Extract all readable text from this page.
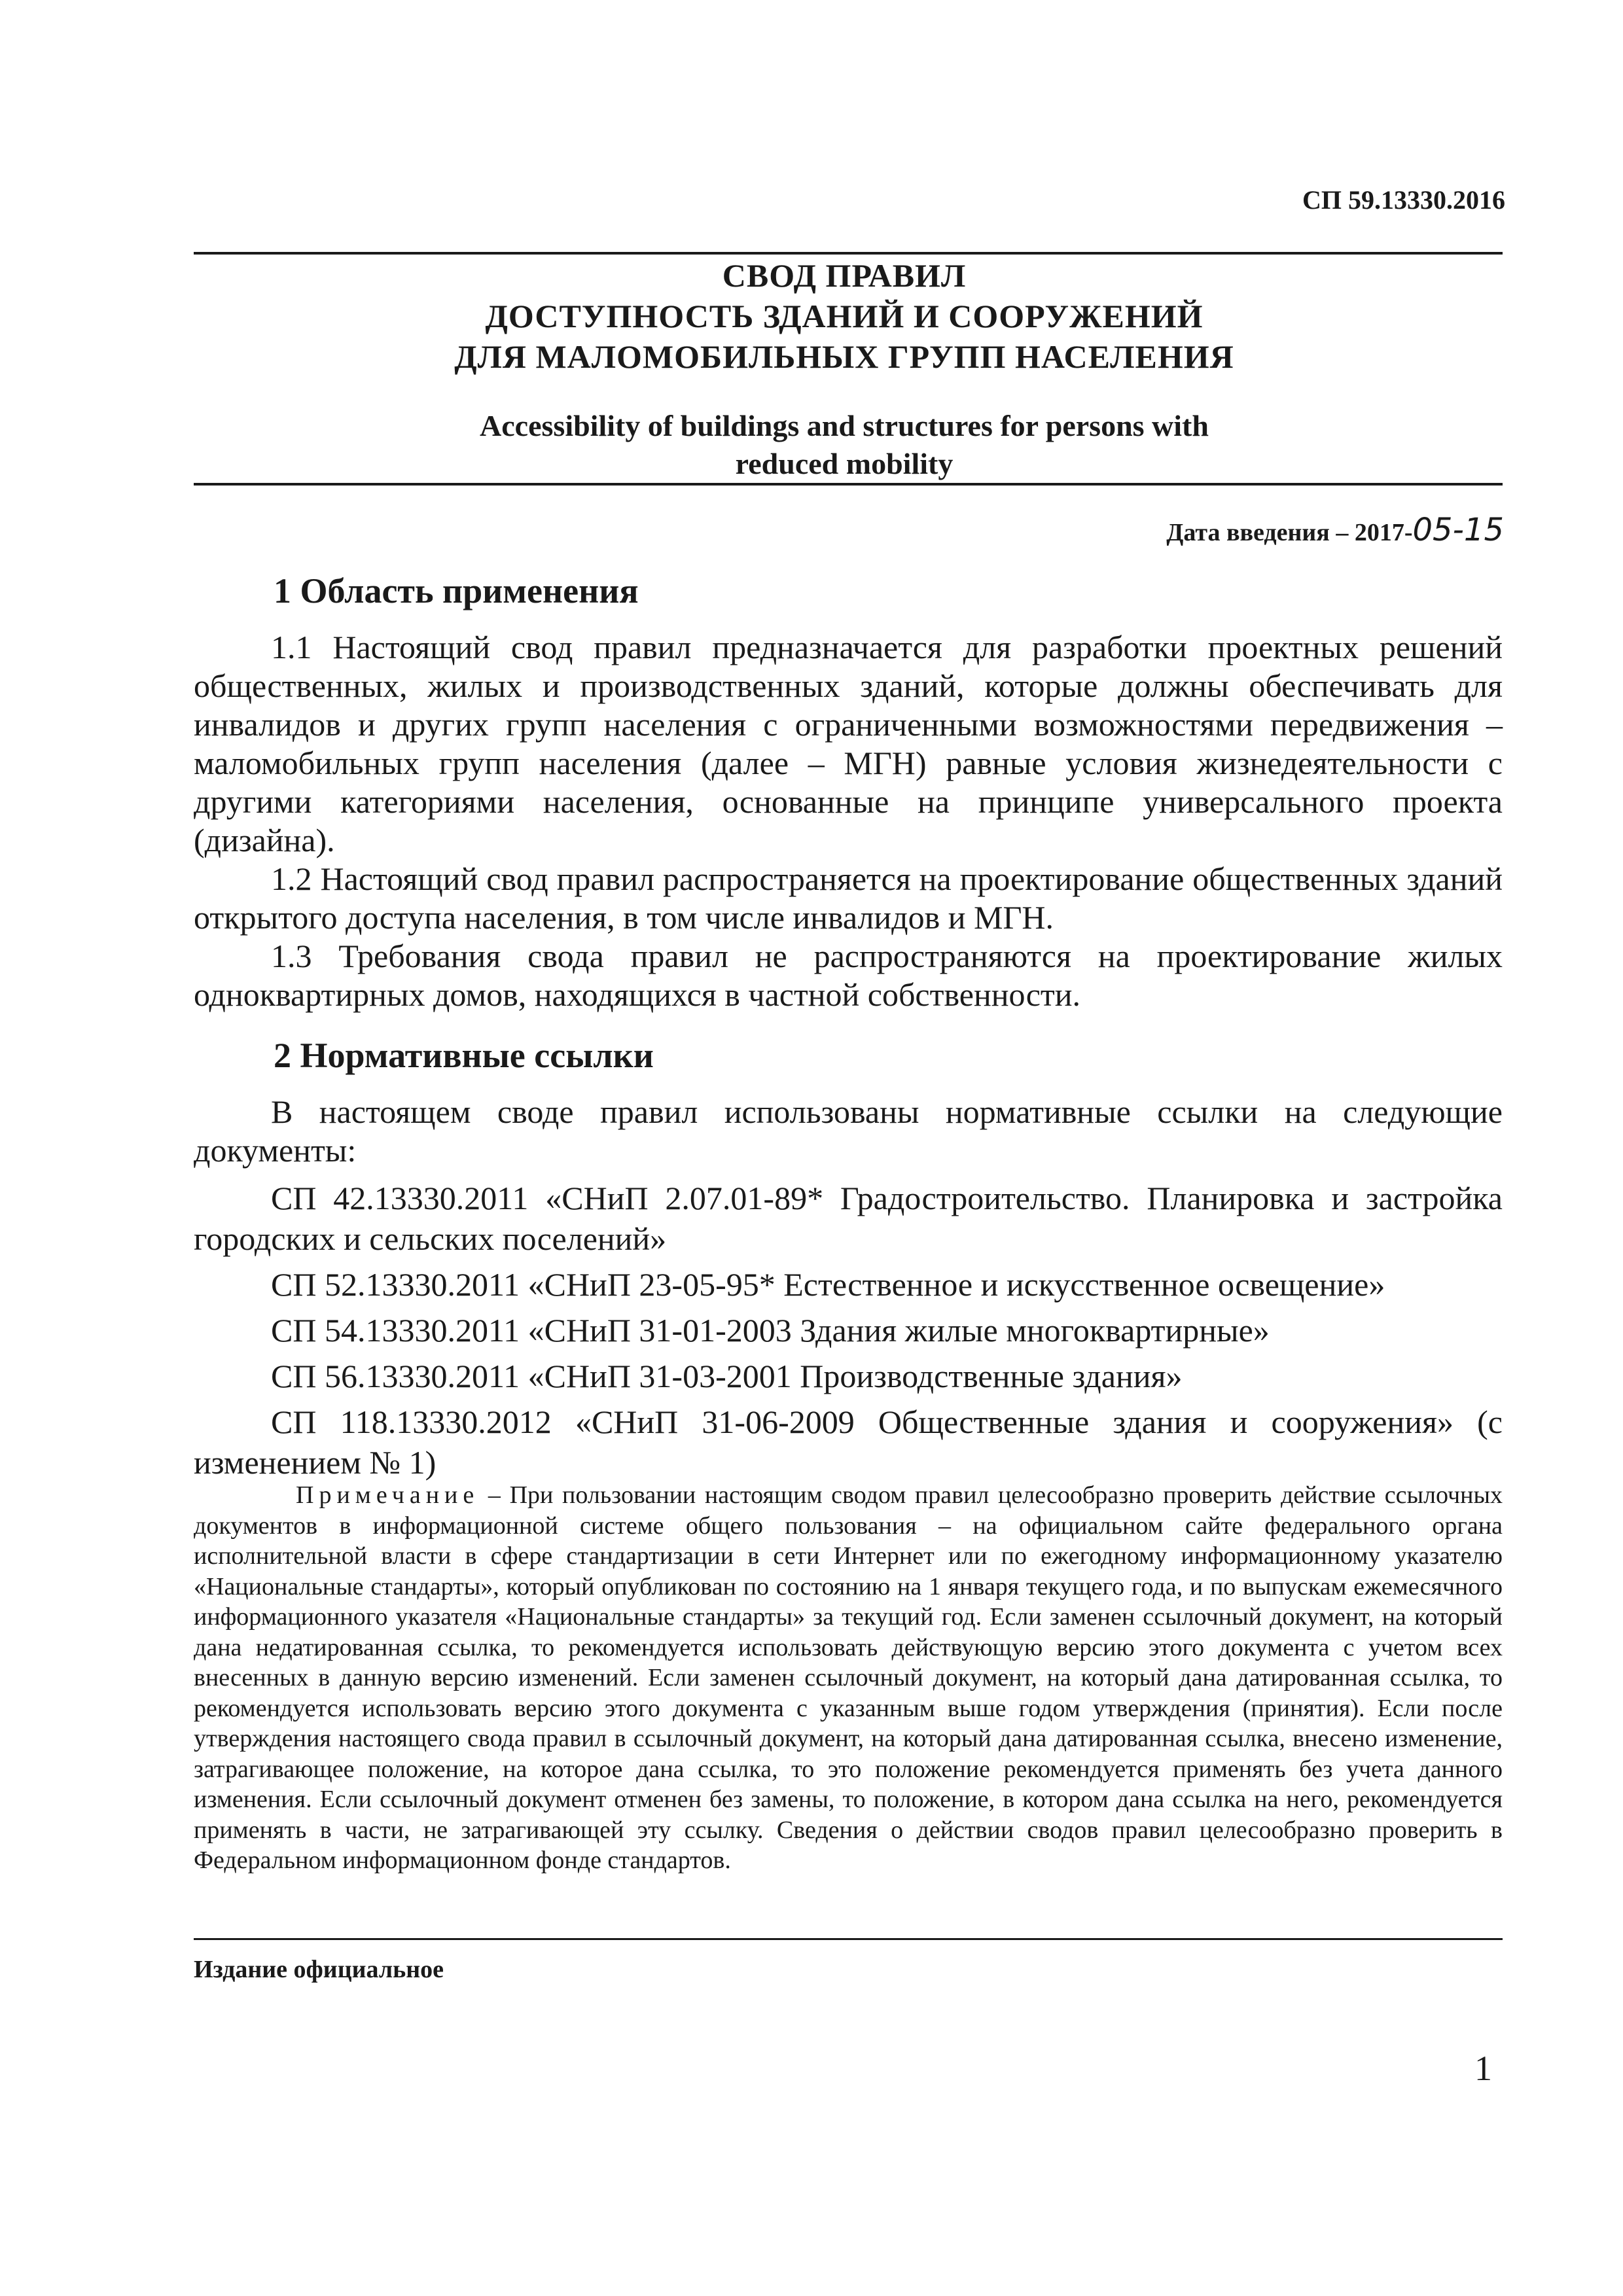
СП 59.13330.2016
СВОД ПРАВИЛ
ДОСТУПНОСТЬ ЗДАНИЙ И СООРУЖЕНИЙ
ДЛЯ МАЛОМОБИЛЬНЫХ ГРУПП НАСЕЛЕНИЯ
Accessibility of buildings and structures for persons with
reduced mobility
Дата введения – 2017-05-15
1 Область применения

1.1 Настоящий свод правил предназначается для разработки проектных решений общественных, жилых и производственных зданий, которые должны обеспечивать для инвалидов и других групп населения с ограниченными возможностями передвижения – маломобильных групп населения (далее – МГН) равные условия жизнедеятельности с другими категориями населения, основанные на принципе универсального проекта (дизайна).

1.2 Настоящий свод правил распространяется на проектирование общественных зданий открытого доступа населения, в том числе инвалидов и МГН.

1.3 Требования свода правил не распространяются на проектирование жилых одноквартирных домов, находящихся в частной собственности.

2 Нормативные ссылки

В настоящем своде правил использованы нормативные ссылки на следующие документы:

СП 42.13330.2011 «СНиП 2.07.01-89* Градостроительство. Планировка и застройка городских и сельских поселений»

СП 52.13330.2011 «СНиП 23-05-95* Естественное и искусственное освещение»

СП 54.13330.2011 «СНиП 31-01-2003 Здания жилые многоквартирные»

СП 56.13330.2011 «СНиП 31-03-2001 Производственные здания»

СП 118.13330.2012 «СНиП 31-06-2009 Общественные здания и сооружения» (с изменением № 1)

Примечание – При пользовании настоящим сводом правил целесообразно проверить действие ссылочных документов в информационной системе общего пользования – на официальном сайте федерального органа исполнительной власти в сфере стандартизации в сети Интернет или по ежегодному информационному указателю «Национальные стандарты», который опубликован по состоянию на 1 января текущего года, и по выпускам ежемесячного информационного указателя «Национальные стандарты» за текущий год. Если заменен ссылочный документ, на который дана недатированная ссылка, то рекомендуется использовать действующую версию этого документа с учетом всех внесенных в данную версию изменений. Если заменен ссылочный документ, на который дана датированная ссылка, то рекомендуется использовать версию этого документа с указанным выше годом утверждения (принятия). Если после утверждения настоящего свода правил в ссылочный документ, на который дана датированная ссылка, внесено изменение, затрагивающее положение, на которое дана ссылка, то это положение рекомендуется применять без учета данного изменения. Если ссылочный документ отменен без замены, то положение, в котором дана ссылка на него, рекомендуется применять в части, не затрагивающей эту ссылку. Сведения о действии сводов правил целесообразно проверить в Федеральном информационном фонде стандартов.

Издание официальное
1
